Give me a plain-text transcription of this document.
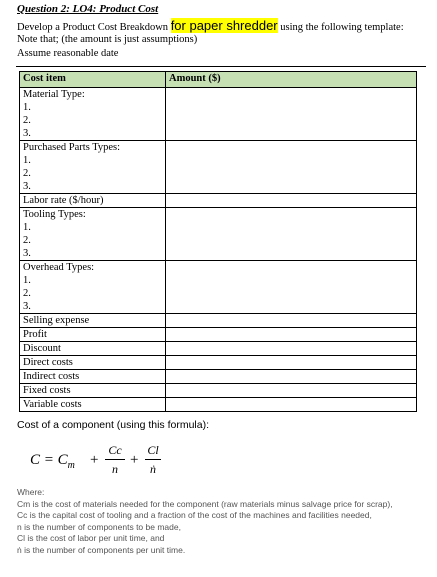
Question 2: LO4: Product Cost
Develop a Product Cost Breakdown for paper shredder using the following template:
Note that; (the amount is just assumptions)
Assume reasonable date
Cost item	Amount ($)

Material Type:
1.
2.
3.	

Purchased Parts Types:
1.
2.
3.	

Labor rate ($/hour)	

Tooling Types:
1.
2.
3.	

Overhead Types:
1.
2.
3.	

Selling expense	

Profit	

Discount	

Direct costs	

Indirect costs	

Fixed costs	

Variable costs	

Cost of a component (using this formula):
$C = C_m$ +
Cc
n
+
Cl
ṅ
Where:
Cm is the cost of materials needed for the component (raw materials minus salvage price for scrap),
Cc is the capital cost of tooling and a fraction of the cost of the machines and facilities needed,
n is the number of components to be made,
Cl is the cost of labor per unit time, and
ṅ is the number of components per unit time.
